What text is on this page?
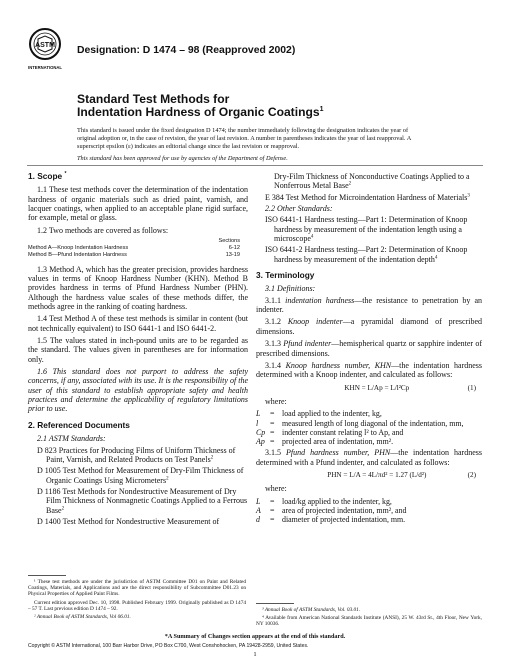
ASTM
INTERNATIONAL
Designation: D 1474 – 98 (Reapproved 2002)
Standard Test Methods for
Indentation Hardness of Organic Coatings$^1$
This standard is issued under the fixed designation D 1474; the number immediately following the designation indicates the year of original adoption or, in the case of revision, the year of last revision. A number in parentheses indicates the year of last reapproval. A superscript epsilon (ε) indicates an editorial change since the last revision or reapproval.
This standard has been approved for use by agencies of the Department of Defense.
1. Scope *
1.1 These test methods cover the determination of the indentation hardness of organic materials such as dried paint, varnish, and lacquer coatings, when applied to an acceptable plane rigid surface, for example, metal or glass.
1.2 Two methods are covered as follows:
	Sections
Method A—Knoop Indentation Hardness	6-12
Method B—Pfund Indentation Hardness	13-19
1.3 Method A, which has the greater precision, provides hardness values in terms of Knoop Hardness Number (KHN). Method B provides hardness in terms of Pfund Hardness Number (PHN). Although the hardness value scales of these methods differ, the methods agree in the ranking of coating hardness.
1.4 Test Method A of these test methods is similar in content (but not technically equivalent) to ISO 6441-1 and ISO 6441-2.
1.5 The values stated in inch-pound units are to be regarded as the standard. The values given in parentheses are for information only.
1.6 This standard does not purport to address the safety concerns, if any, associated with its use. It is the responsibility of the user of this standard to establish appropriate safety and health practices and determine the applicability of regulatory limitations prior to use.
2. Referenced Documents
2.1 ASTM Standards:
D 823 Practices for Producing Films of Uniform Thickness of Paint, Varnish, and Related Products on Test Panels$^2$
D 1005 Test Method for Measurement of Dry-Film Thickness of Organic Coatings Using Micrometers$^2$
D 1186 Test Methods for Nondestructive Measurement of Dry Film Thickness of Nonmagnetic Coatings Applied to a Ferrous Base$^2$
D 1400 Test Method for Nondestructive Measurement of
Dry-Film Thickness of Nonconductive Coatings Applied to a Nonferrous Metal Base$^2$
E 384 Test Method for Microindentation Hardness of Materials$^3$
2.2 Other Standards:
ISO 6441-1 Hardness testing—Part 1: Determination of Knoop hardness by measurement of the indentation length using a microscope$^4$
ISO 6441-2 Hardness testing—Part 2: Determination of Knoop hardness by measurement of the indentation depth$^4$
3. Terminology
3.1 Definitions:
3.1.1 indentation hardness—the resistance to penetration by an indenter.
3.1.2 Knoop indenter—a pyramidal diamond of prescribed dimensions.
3.1.3 Pfund indenter—hemispherical quartz or sapphire indenter of prescribed dimensions.
3.1.4 Knoop hardness number, KHN—the indentation hardness determined with a Knoop indenter, and calculated as follows:
KHN = L/Ap = L/l²Cp	(1)
where:
L	= load applied to the indenter, kg,
l	= measured length of long diagonal of the indentation, mm,
Cp = indenter constant relating l² to Ap, and
Ap = projected area of indentation, mm².
3.1.5 Pfund hardness number, PHN—the indentation hardness determined with a Pfund indenter, and calculated as follows:
PHN = L/A = 4L/πd² = 1.27 (L/d²)	(2)
where:
L	= load/kg applied to the indenter, kg,
A	= area of projected indentation, mm², and
d	= diameter of projected indentation, mm.

¹ These test methods are under the jurisdiction of ASTM Committee D01 on Paint and Related Coatings, Materials, and Applications and are the direct responsibility of Subcommittee D01.23 on Physical Properties of Applied Paint Films.

Current edition approved Dec. 10, 1998. Published February 1999. Originally published as D 1474 – 57 T. Last previous edition D 1474 – 92.

² Annual Book of ASTM Standards, Vol 06.01.

³ Annual Book of ASTM Standards, Vol. 03.01.

⁴ Available from American National Standards Institute (ANSI), 25 W. 43rd St., 4th Floor, New York, NY 10036.

*A Summary of Changes section appears at the end of this standard.
Copyright © ASTM International, 100 Barr Harbor Drive, PO Box C700, West Conshohocken, PA 19428-2959, United States.
1
